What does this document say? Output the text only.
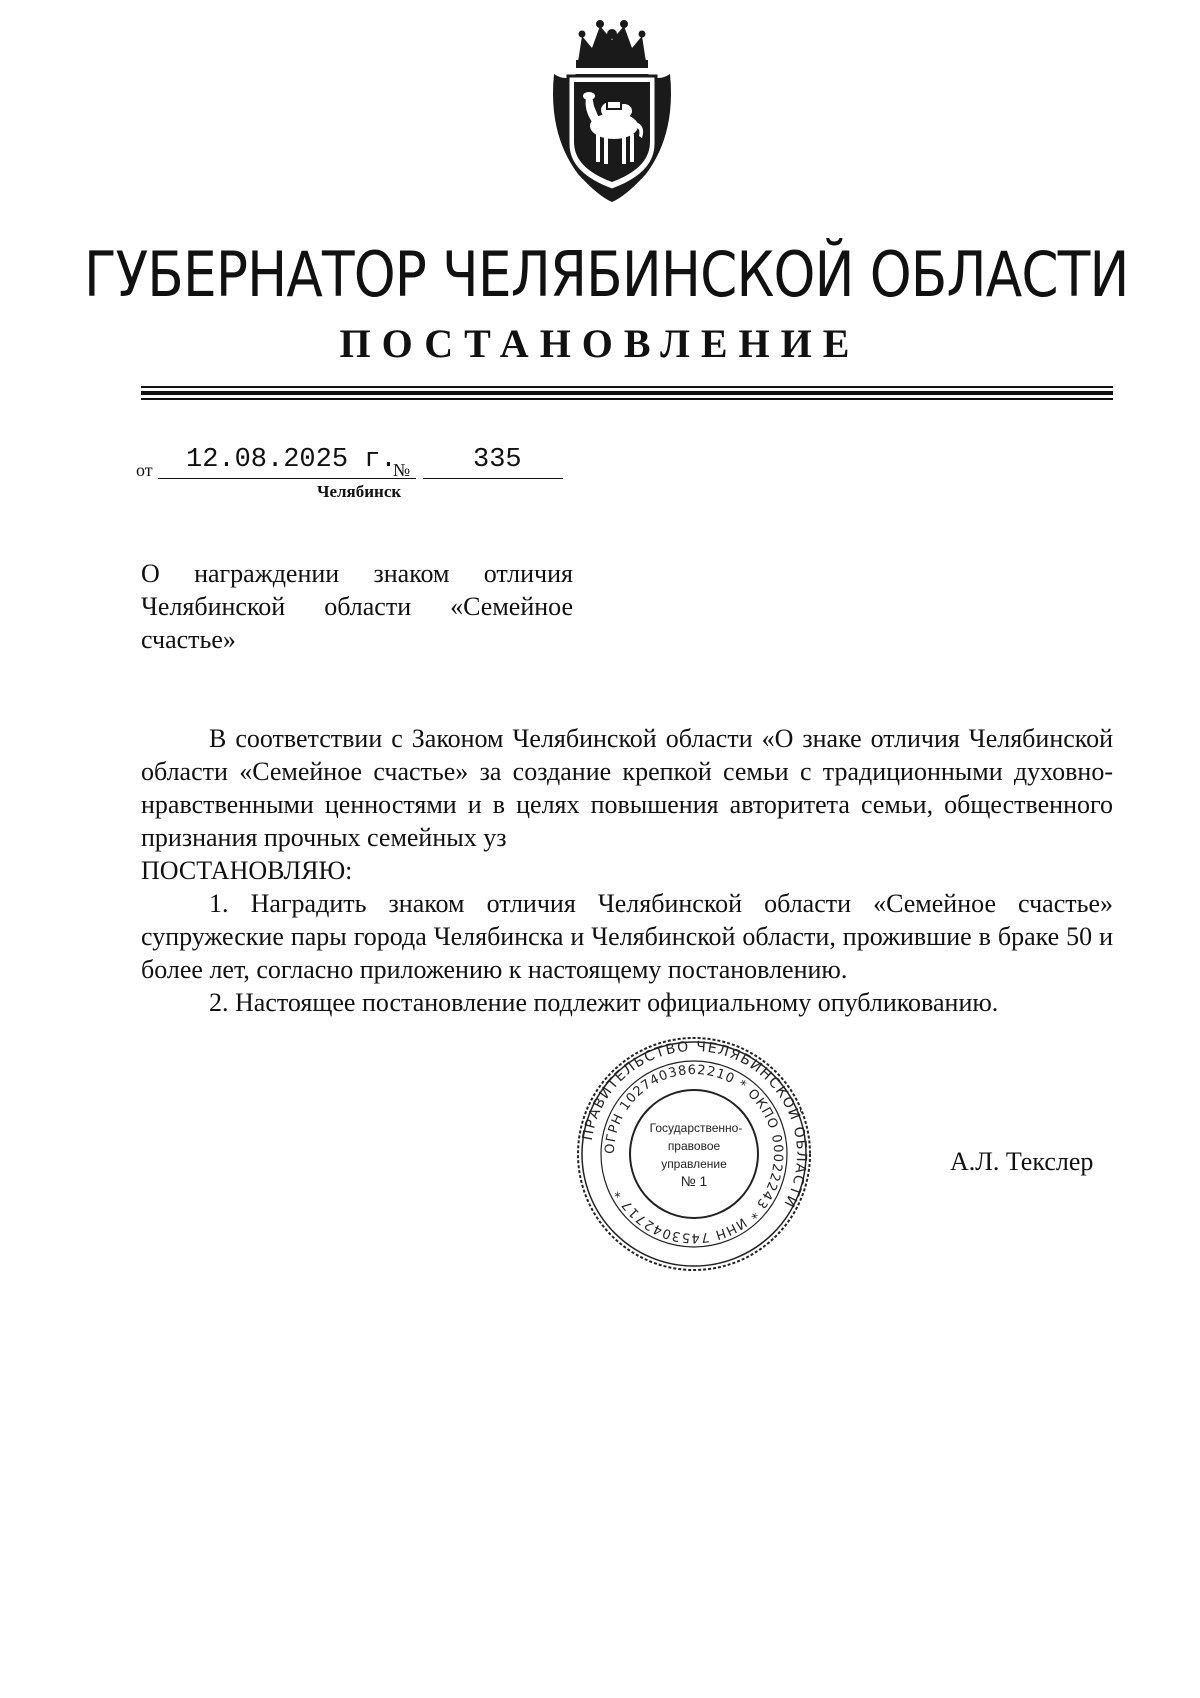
ГУБЕРНАТОР ЧЕЛЯБИНСКОЙ ОБЛАСТИ
ПОСТАНОВЛЕНИЕ
от 12.08.2025 г.
№ 335
Челябинск
О награждении знаком отличия Челябинской области «Семейное счастье»

В соответствии с Законом Челябинской области «О знаке отличия Челябинской области «Семейное счастье» за создание крепкой семьи с традиционными духовно-нравственными ценностями и в целях повышения авторитета семьи, общественного признания прочных семейных уз

ПОСТАНОВЛЯЮ:

1. Наградить знаком отличия Челябинской области «Семейное счастье» супружеские пары города Челябинска и Челябинской области, прожившие в браке 50 и более лет, согласно приложению к настоящему постановлению.

2. Настоящее постановление подлежит официальному опубликованию.

ПРАВИТЕЛЬСТВО ЧЕЛЯБИНСКОЙ ОБЛАСТИ
ОГРН 1027403862210 * ОКПО 00022243 * ИНН 7453042717 *
Государственно-
правовое
управление
№ 1
А.Л. Текслер
